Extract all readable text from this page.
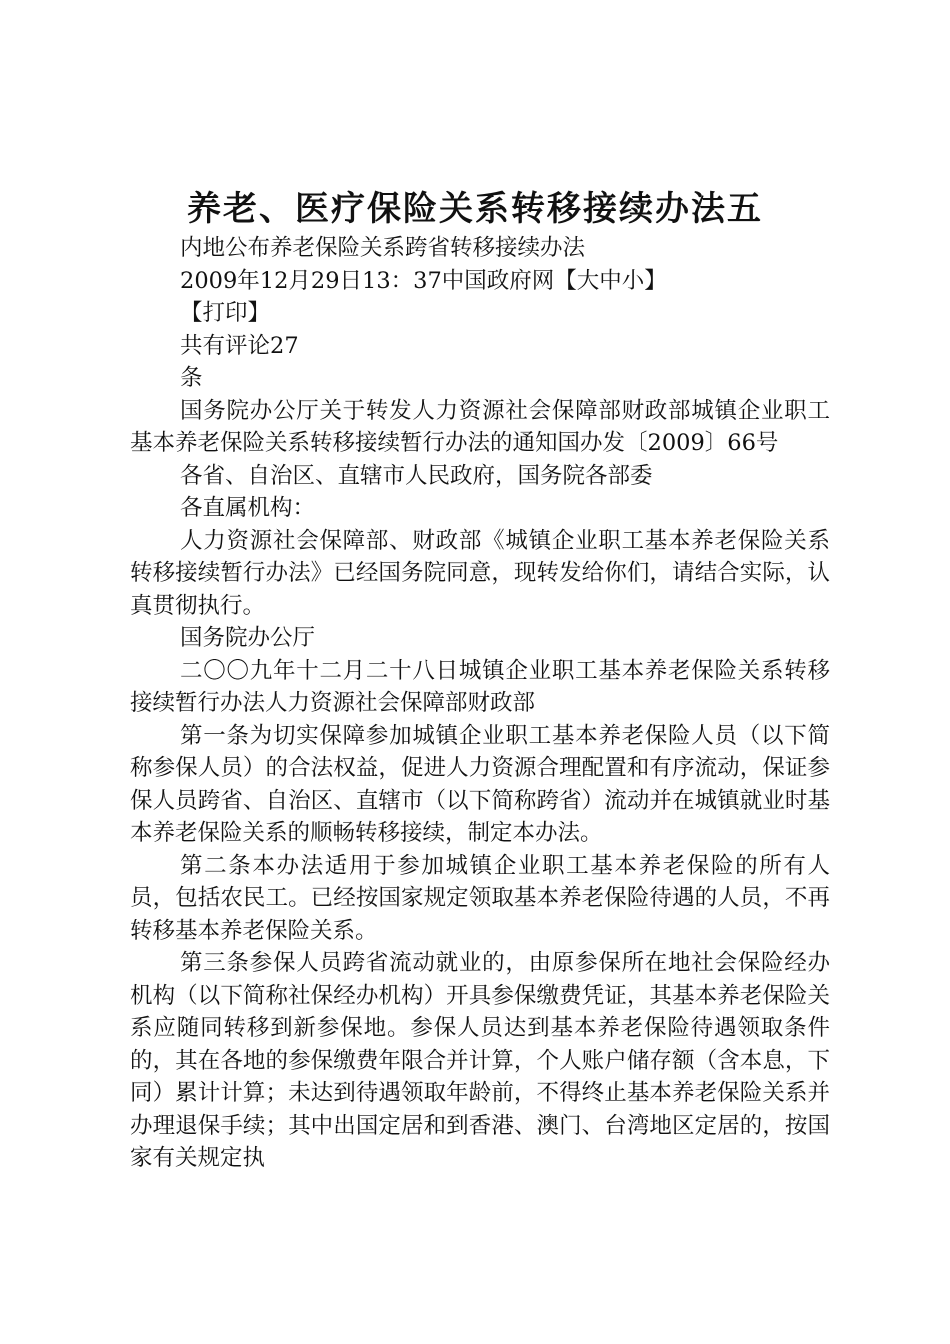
养老、医疗保险关系转移接续办法五

内地公布养老保险关系跨省转移接续办法

2009年12月29日13：37中国政府网【大中小】

【打印】

共有评论27

条

国务院办公厅关于转发人力资源社会保障部财政部城镇企业职工基本养老保险关系转移接续暂行办法的通知国办发〔2009〕66号

各省、自治区、直辖市人民政府，国务院各部委

各直属机构：

人力资源社会保障部、财政部《城镇企业职工基本养老保险关系转移接续暂行办法》已经国务院同意，现转发给你们，请结合实际，认真贯彻执行。

国务院办公厅

二〇〇九年十二月二十八日城镇企业职工基本养老保险关系转移接续暂行办法人力资源社会保障部财政部

第一条为切实保障参加城镇企业职工基本养老保险人员（以下简称参保人员）的合法权益，促进人力资源合理配置和有序流动，保证参保人员跨省、自治区、直辖市（以下简称跨省）流动并在城镇就业时基本养老保险关系的顺畅转移接续，制定本办法。

第二条本办法适用于参加城镇企业职工基本养老保险的所有人员，包括农民工。已经按国家规定领取基本养老保险待遇的人员，不再转移基本养老保险关系。

第三条参保人员跨省流动就业的，由原参保所在地社会保险经办机构（以下简称社保经办机构）开具参保缴费凭证，其基本养老保险关系应随同转移到新参保地。参保人员达到基本养老保险待遇领取条件的，其在各地的参保缴费年限合并计算，个人账户储存额（含本息，下同）累计计算；未达到待遇领取年龄前，不得终止基本养老保险关系并办理退保手续；其中出国定居和到香港、澳门、台湾地区定居的，按国家有关规定执
